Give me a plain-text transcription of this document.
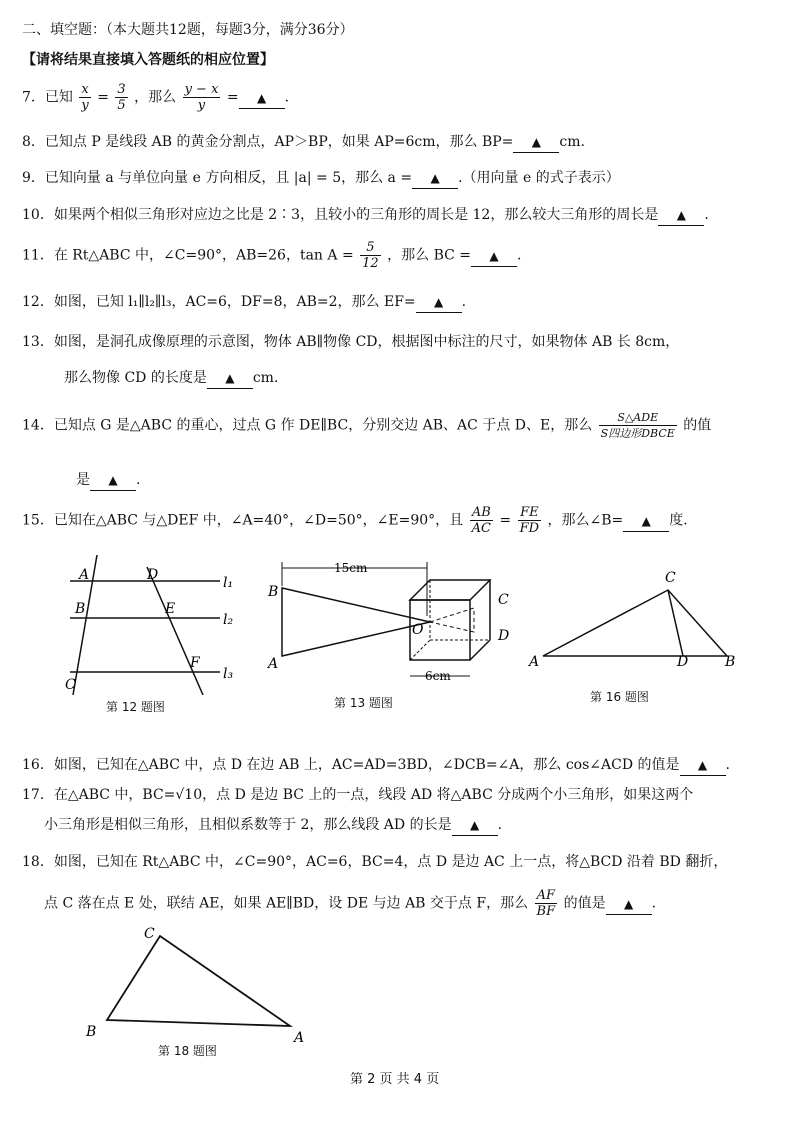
二、填空题：（本大题共12题，每题3分，满分36分）
【请将结果直接填入答题纸的相应位置】
7．已知 $\frac{x}{y} = \frac{3}{5}$ ，那么 $\frac{y - x}{y}$ = ▲ .
8．已知点 P 是线段 AB 的黄金分割点，AP＞BP，如果 AP=6cm，那么 BP= ▲ cm.
9．已知向量 a 与单位向量 e 方向相反，且 |a| = 5，那么 a = ▲ .（用向量 e 的式子表示）
10．如果两个相似三角形对应边之比是 2∶3，且较小的三角形的周长是 12，那么较大三角形的周长是 ▲ .
11．在 Rt△ABC 中，∠C=90°，AB=26，$\tan A = \frac{5}{12}$ ，那么 BC = ▲ .
12．如图，已知 l₁∥l₂∥l₃，AC=6，DF=8，AB=2，那么 EF= ▲ .
13．如图，是洞孔成像原理的示意图，物体 AB∥物像 CD，根据图中标注的尺寸，如果物体 AB 长 8cm，
那么物像 CD 的长度是 ▲ cm.
14．已知点 G 是△ABC 的重心，过点 G 作 DE∥BC，分别交边 AB、AC 于点 D、E，那么 $\frac{\text{S△ADE}}{\text{S四边形DBCE}}$ 的值
是 ▲ .
15．已知在△ABC 与△DEF 中，∠A=40°，∠D=50°，∠E=90°，且 $\frac{AB}{AC} = \frac{FE}{FD}$ ，那么∠B= ▲ 度.
A
B
C
D
E
F
l₁
l₂
l₃
第 12 题图
15cm
6cm
A
B	C
D
O
第 13 题图
A	B
C
D
第 16 题图
16．如图，已知在△ABC 中，点 D 在边 AB 上，AC=AD=3BD，∠DCB=∠A，那么 cos∠ACD 的值是 ▲ .
17．在△ABC 中，BC=√10，点 D 是边 BC 上的一点，线段 AD 将△ABC 分成两个小三角形，如果这两个
小三角形是相似三角形，且相似系数等于 2，那么线段 AD 的长是 ▲ .
18．如图，已知在 Rt△ABC 中，∠C=90°，AC=6，BC=4，点 D 是边 AC 上一点，将△BCD 沿着 BD 翻折，
点 C 落在点 E 处，联结 AE，如果 AE∥BD，设 DE 与边 AB 交于点 F，那么 $\frac{AF}{BF}$ 的值是 ▲ .
A
B
C
第 18 题图
第 2 页 共 4 页
